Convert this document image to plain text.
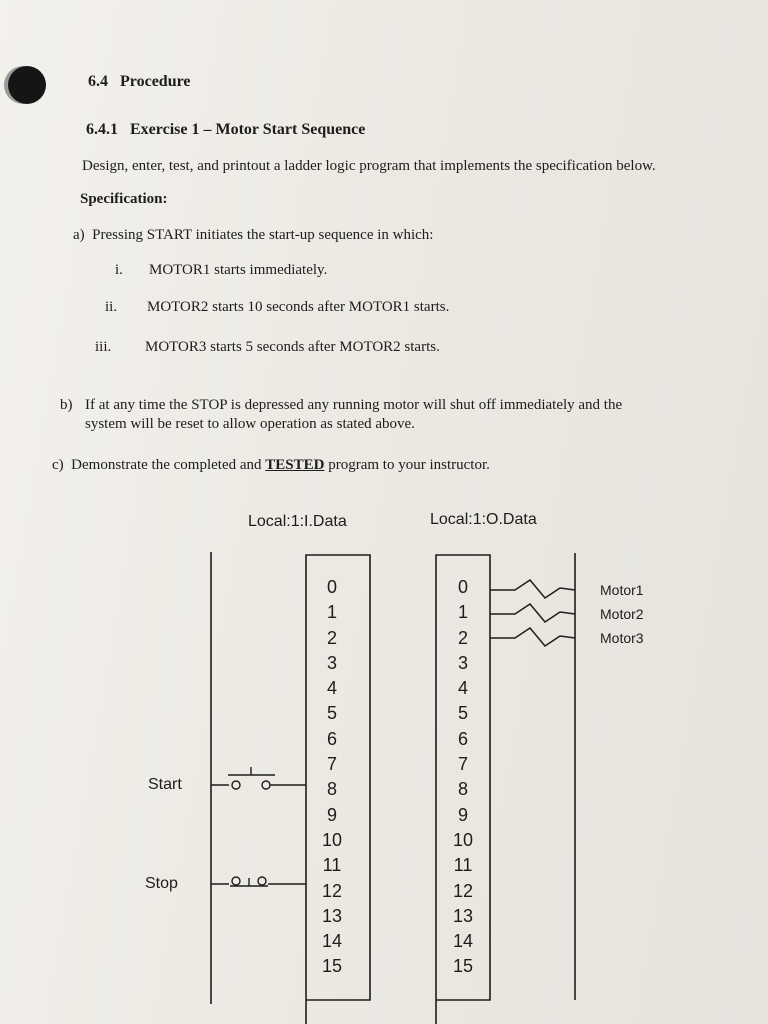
6.4 Procedure
6.4.1 Exercise 1 – Motor Start Sequence
Design, enter, test, and printout a ladder logic program that implements the specification below.
Specification:
a) Pressing START initiates the start-up sequence in which:
i. MOTOR1 starts immediately.
ii. MOTOR2 starts 10 seconds after MOTOR1 starts.
iii. MOTOR3 starts 5 seconds after MOTOR2 starts.
b) If at any time the STOP is depressed any running motor will shut off immediately and the
system will be reset to allow operation as stated above.
c) Demonstrate the completed and TESTED program to your instructor.
Local:1:I.Data	Local:1:O.Data
0
1
2
3
4
5
6
7
8
9
10
11
12
13
14
15
0
1
2
3
4
5
6
7
8
9
10
11
12
13
14
15
Start
Stop
Motor1
Motor2
Motor3
